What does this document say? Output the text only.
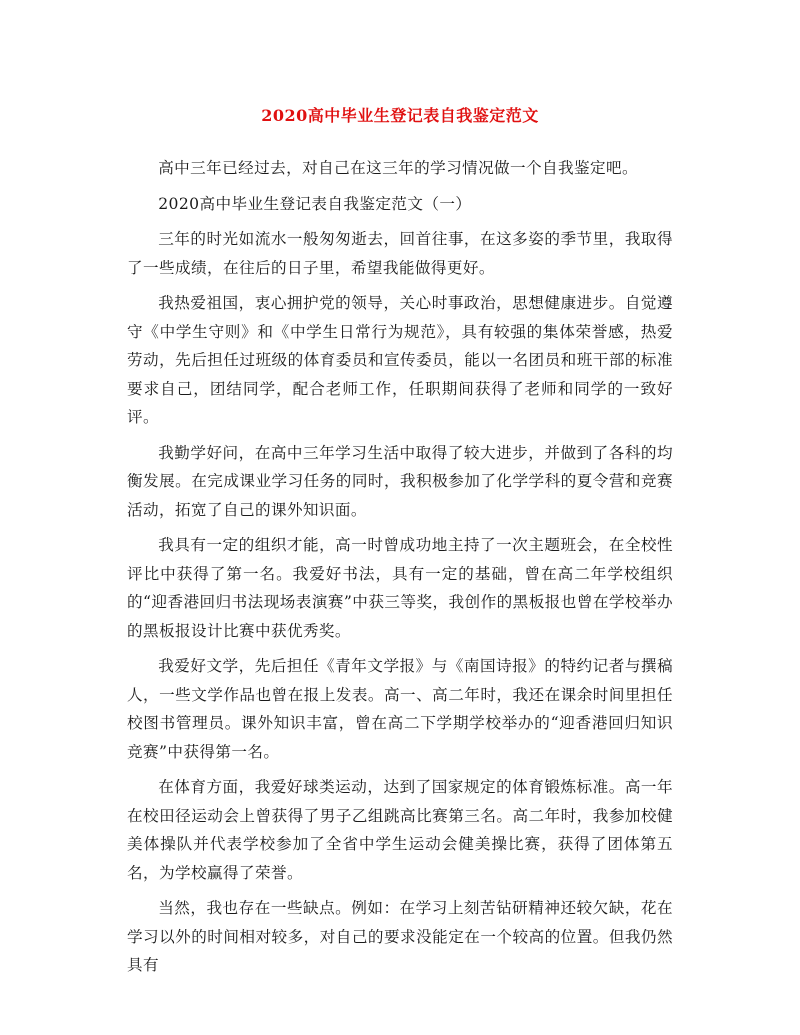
2020高中毕业生登记表自我鉴定范文

高中三年已经过去，对自己在这三年的学习情况做一个自我鉴定吧。

2020高中毕业生登记表自我鉴定范文（一）

三年的时光如流水一般匆匆逝去，回首往事，在这多姿的季节里，我取得了一些成绩，在往后的日子里，希望我能做得更好。

我热爱祖国，衷心拥护党的领导，关心时事政治，思想健康进步。自觉遵守《中学生守则》和《中学生日常行为规范》，具有较强的集体荣誉感，热爱劳动，先后担任过班级的体育委员和宣传委员，能以一名团员和班干部的标准要求自己，团结同学，配合老师工作，任职期间获得了老师和同学的一致好评。

我勤学好问，在高中三年学习生活中取得了较大进步，并做到了各科的均衡发展。在完成课业学习任务的同时，我积极参加了化学学科的夏令营和竞赛活动，拓宽了自己的课外知识面。

我具有一定的组织才能，高一时曾成功地主持了一次主题班会，在全校性评比中获得了第一名。我爱好书法，具有一定的基础，曾在高二年学校组织的“迎香港回归书法现场表演赛”中获三等奖，我创作的黑板报也曾在学校举办的黑板报设计比赛中获优秀奖。

我爱好文学，先后担任《青年文学报》与《南国诗报》的特约记者与撰稿人，一些文学作品也曾在报上发表。高一、高二年时，我还在课余时间里担任校图书管理员。课外知识丰富，曾在高二下学期学校举办的“迎香港回归知识竞赛”中获得第一名。

在体育方面，我爱好球类运动，达到了国家规定的体育锻炼标准。高一年在校田径运动会上曾获得了男子乙组跳高比赛第三名。高二年时，我参加校健美体操队并代表学校参加了全省中学生运动会健美操比赛，获得了团体第五名，为学校赢得了荣誉。

当然，我也存在一些缺点。例如：在学习上刻苦钻研精神还较欠缺，花在学习以外的时间相对较多，对自己的要求没能定在一个较高的位置。但我仍然具有
